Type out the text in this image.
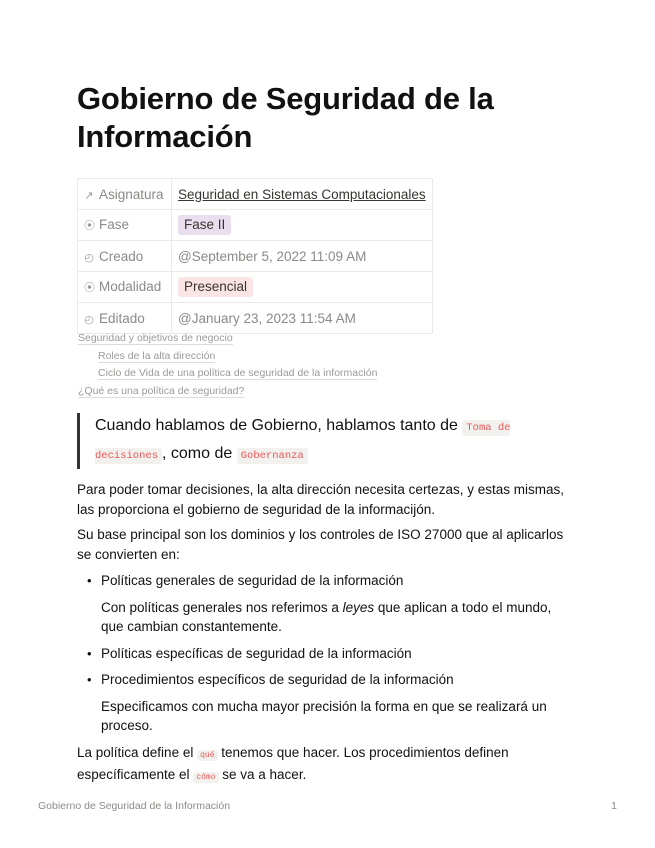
Gobierno de Seguridad de la Información
↗ Asignatura	Seguridad en Sistemas Computacionales
⦿ Fase	Fase II
◴ Creado	@September 5, 2022 11:09 AM
⦿ Modalidad	Presencial
◴ Editado	@January 23, 2023 11:54 AM
Seguridad y objetivos de negocio
Roles de la alta dirección
Ciclo de Vida de una política de seguridad de la información
¿Qué es una política de seguridad?
Cuando hablamos de Gobierno, hablamos tanto de Toma de decisiones , como de Gobernanza

Para poder tomar decisiones, la alta dirección necesita certezas, y estas mismas, las proporciona el gobierno de seguridad de la informacijón.

Su base principal son los dominios y los controles de ISO 27000 que al aplicarlos se convierten en:

• Políticas generales de seguridad de la información
Con políticas generales nos referimos a leyes que aplican a todo el mundo, que cambian constantemente.
• Políticas específicas de seguridad de la información
• Procedimientos específicos de seguridad de la información
Especificamos con mucha mayor precisión la forma en que se realizará un proceso.

La política define el qué tenemos que hacer. Los procedimientos definen específicamente el cómo se va a hacer.

Gobierno de Seguridad de la Información	1
